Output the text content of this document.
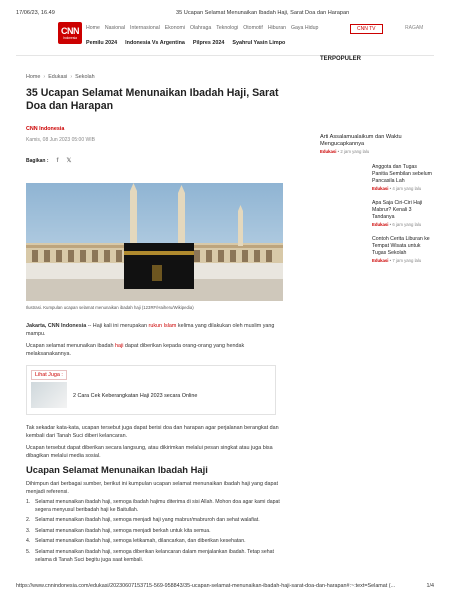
17/06/23, 16.49	35 Ucapan Selamat Menunaikan Ibadah Haji, Sarat Doa dan Harapan
CNN
Indonesia
Home Nasional Internasional Ekonomi Olahraga Teknologi Otomotif Hiburan Gaya Hidup	CNN TV	RAGAM
Pemilu 2024 Indonesia Vs Argentina Pilpres 2024 Syahrul Yasin Limpo
Home › Edukasi › Sekolah
35 Ucapan Selamat Menunaikan Ibadah Haji, Sarat Doa dan Harapan
CNN Indonesia
Kamis, 08 Jun 2023 05:00 WIB
Bagikan : f 𝕏
Ilustrasi. Kumpulan ucapan selamat menunaikan ibadah haji (123RF/Haiheru/Wikipedia)
Jakarta, CNN Indonesia -- Haji kali ini merupakan rukun Islam kelima yang dilakukan oleh muslim yang mampu.
Ucapan selamat menunaikan ibadah haji dapat diberikan kepada orang-orang yang hendak melaksanakannya.
Lihat Juga :
2 Cara Cek Keberangkatan Haji 2023 secara Online
Tak sekadar kata-kata, ucapan tersebut juga dapat berisi doa dan harapan agar perjalanan berangkat dan kembali dari Tanah Suci diberi kelancaran.
Ucapan tersebut dapat diberikan secara langsung, atau dikirimkan melalui pesan singkat atau juga bisa dibagikan melalui media sosial.
Ucapan Selamat Menunaikan Ibadah Haji
Dihimpun dari berbagai sumber, berikut ini kumpulan ucapan selamat menunaikan ibadah haji yang dapat menjadi referensi.
1. Selamat menunaikan ibadah haji, semoga ibadah hajimu diterima di sisi Allah. Mohon doa agar kami dapat segera menyusul beribadah haji ke Baitullah.
2. Selamat menunaikan ibadah haji, semoga menjadi haji yang mabrur/mabruroh dan sehat walafiat.
3. Selamat menunaikan ibadah haji, semoga menjadi berkah untuk kita semua.
4. Selamat menunaikan ibadah haji, semoga letikamah, dilancarkan, dan diberikan kesehatan.
5. Selamat menunaikan ibadah haji, semoga diberikan kelancaran dalam menjalankan ibadah. Tetap sehat selama di Tanah Suci begitu juga saat kembali.
TERPOPULER
Arti Assalamualaikum dan Waktu Mengucapkannya
Edukasi • 2 jam yang lalu
Anggota dan Tugas Panitia Sembilan sebelum Pancasila Lah
Edukasi • 4 jam yang lalu
Apa Saja Ciri-Ciri Haji Mabrur? Kenali 3 Tandanya
Edukasi • 6 jam yang lalu
Contoh Cerita Liburan ke Tempat Wisata untuk Tugas Sekolah
Edukasi • 7 jam yang lalu
https://www.cnnindonesia.com/edukasi/20230607153715-569-958843/35-ucapan-selamat-menunaikan-ibadah-haji-sarat-doa-dan-harapan#:~:text=Selamat (...	1/4
